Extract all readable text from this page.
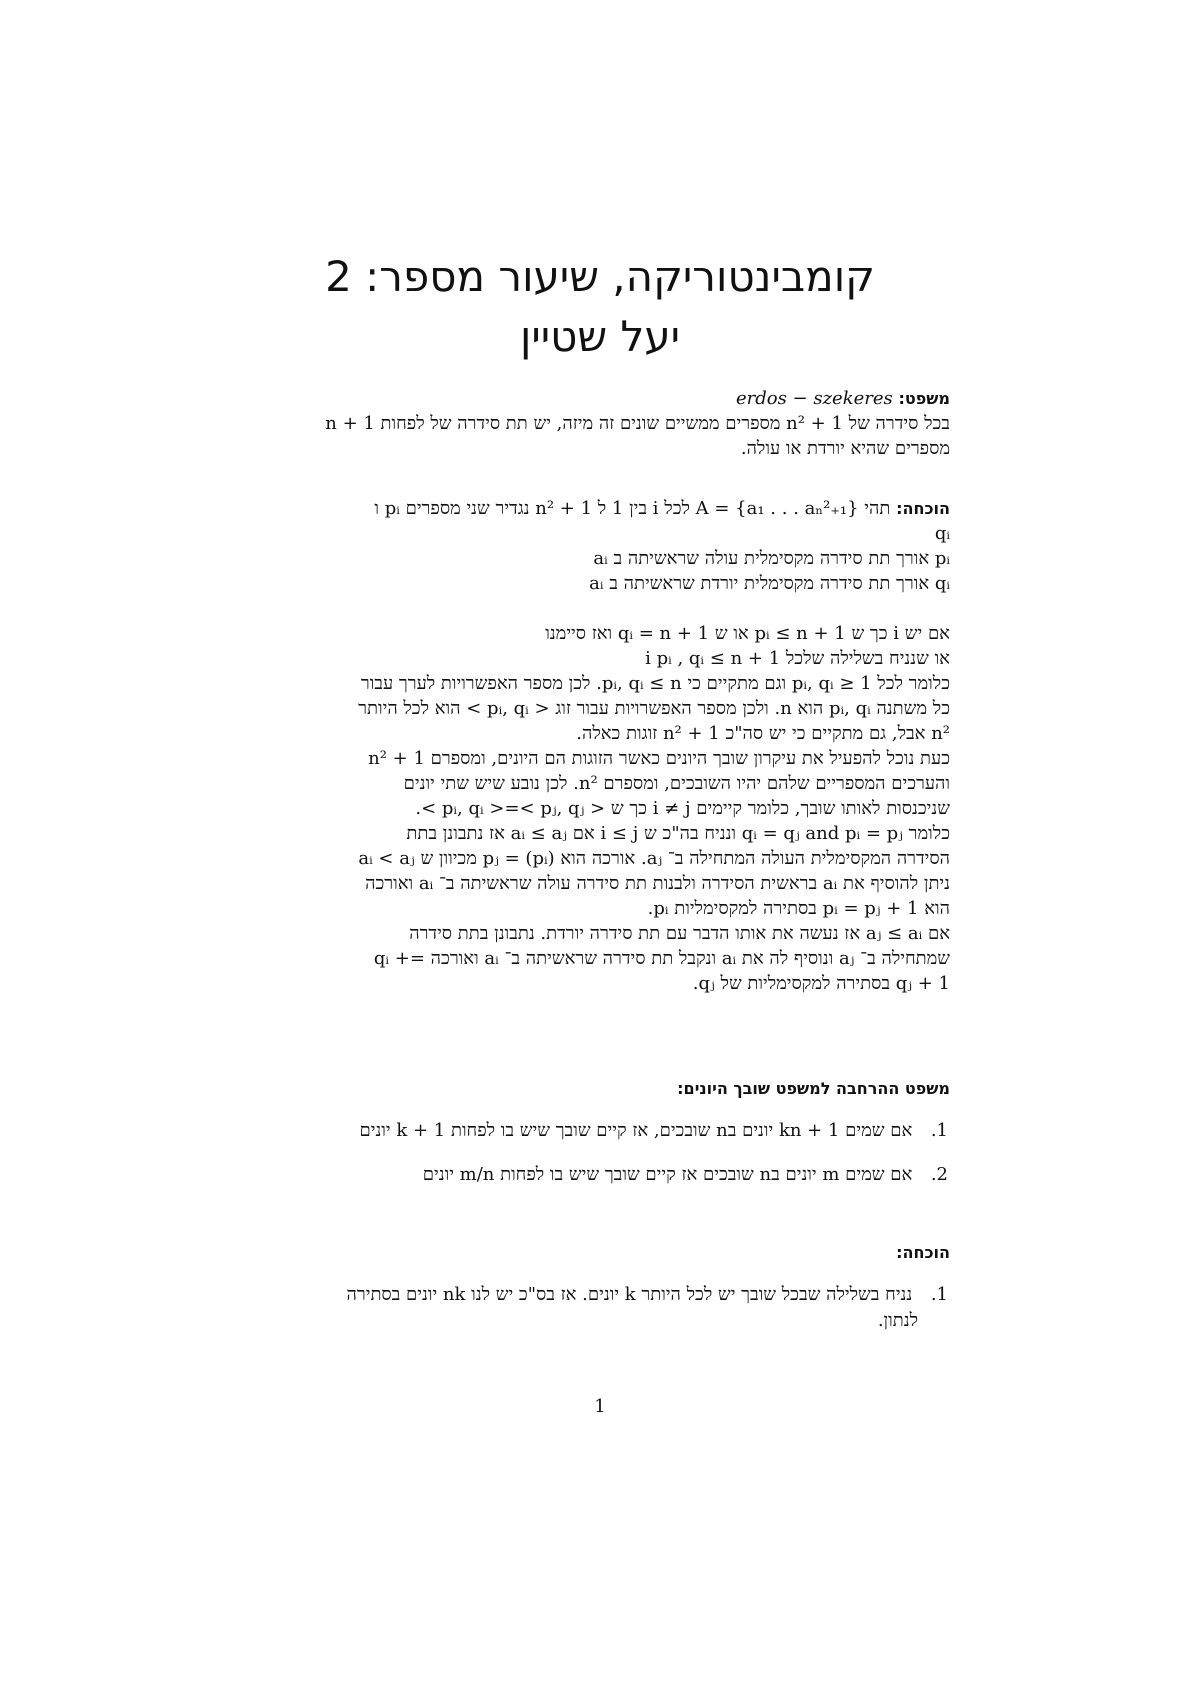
קומבינטוריקה, שיעור מספר: 2
יעל שטיין
משפט: erdos − szekeres
בכל סידרה של n² + 1 מספרים ממשיים שונים זה מיזה, יש תת סידרה של לפחות n + 1
מספרים שהיא יורדת או עולה.
הוכחה: תהי A = {a₁ . . . aₙ²₊₁} לכל i בין 1 ל n² + 1 נגדיר שני מספרים pᵢ ו
qᵢ
pᵢ אורך תת סידרה מקסימלית עולה שראשיתה ב aᵢ
qᵢ אורך תת סידרה מקסימלית יורדת שראשיתה ב aᵢ
אם יש i כך ש pᵢ ≤ n + 1 או ש qᵢ = n + 1 ואז סיימנו
או שנניח בשלילה שלכל i pᵢ , qᵢ ≤ n + 1
כלומר לכל 1 ≤ pᵢ, qᵢ וגם מתקיים כי pᵢ, qᵢ ≤ n. לכן מספר האפשרויות לערך עבור
כל משתנה pᵢ, qᵢ הוא n. ולכן מספר האפשרויות עבור זוג < pᵢ, qᵢ > הוא לכל היותר
n² אבל, גם מתקיים כי יש סה"כ n² + 1 זוגות כאלה.
כעת נוכל להפעיל את עיקרון שובך היונים כאשר הזוגות הם היונים, ומספרם n² + 1
והערכים המספריים שלהם יהיו השובכים, ומספרם n². לכן נובע שיש שתי יונים
שניכנסות לאותו שובך, כלומר קיימים i ≠ j כך ש < pᵢ, qᵢ >=< pⱼ, qⱼ >.
כלומר qᵢ = qⱼ and pᵢ = pⱼ ונניח בה"כ ש i ≤ j אם aᵢ ≤ aⱼ אז נתבונן בתת
הסידרה המקסימלית העולה המתחילה ב־ aⱼ. אורכה הוא pⱼ = (pᵢ) מכיוון ש aᵢ < aⱼ
ניתן להוסיף את aᵢ בראשית הסידרה ולבנות תת סידרה עולה שראשיתה ב־ aᵢ ואורכה
הוא pᵢ = pⱼ + 1 בסתירה למקסימליות pᵢ.
אם aⱼ ≤ aᵢ אז נעשה את אותו הדבר עם תת סידרה יורדת. נתבונן בתת סידרה
שמתחילה ב־ aⱼ ונוסיף לה את aᵢ ונקבל תת סידרה שראשיתה ב־ aᵢ ואורכה =+ qᵢ
qⱼ + 1 בסתירה למקסימליות של qⱼ.
משפט ההרחבה למשפט שובך היונים:
1. אם שמים kn + 1 יונים בn שובכים, אז קיים שובך שיש בו לפחות k + 1 יונים
2. אם שמים m יונים בn שובכים אז קיים שובך שיש בו לפחות m/n יונים
הוכחה:
1. נניח בשלילה שבכל שובך יש לכל היותר k יונים. אז בס"כ יש לנו nk יונים בסתירה
לנתון.
1
